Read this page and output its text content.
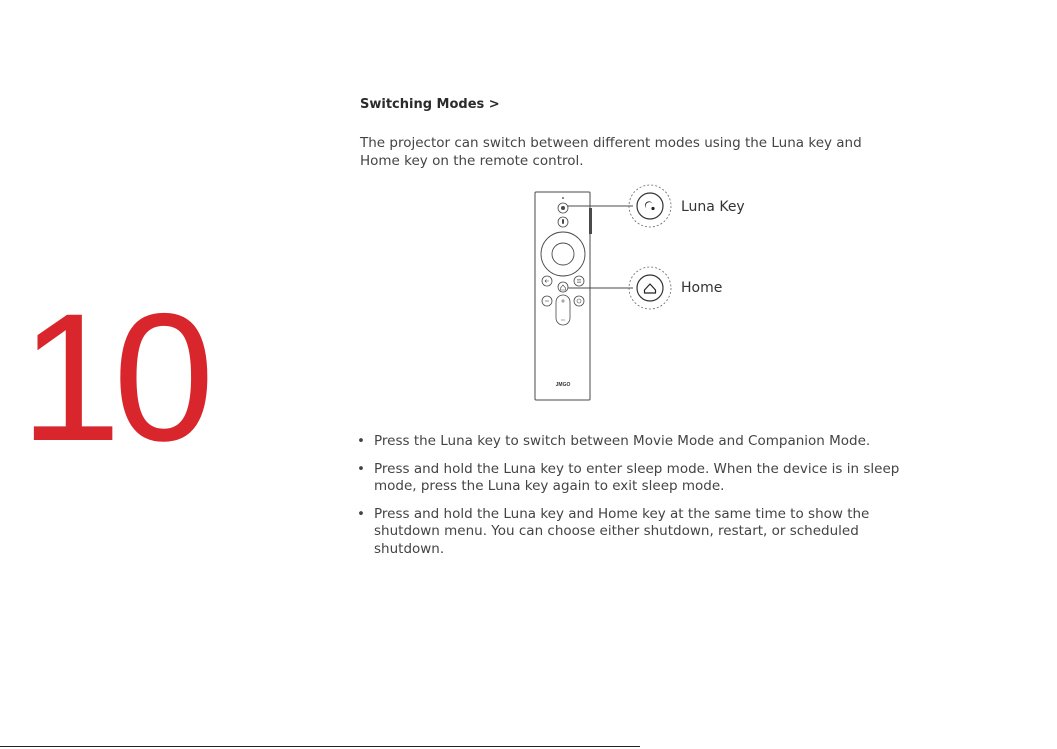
10
Switching Modes >
The projector can switch between different modes using the Luna key and Home key on the remote control.
JMGO
Luna Key
Home
• Press the Luna key to switch between Movie Mode and Companion Mode.
• Press and hold the Luna key to enter sleep mode. When the device is in sleep mode, press the Luna key again to exit sleep mode.
• Press and hold the Luna key and Home key at the same time to show the shutdown menu. You can choose either shutdown, restart, or scheduled shutdown.
